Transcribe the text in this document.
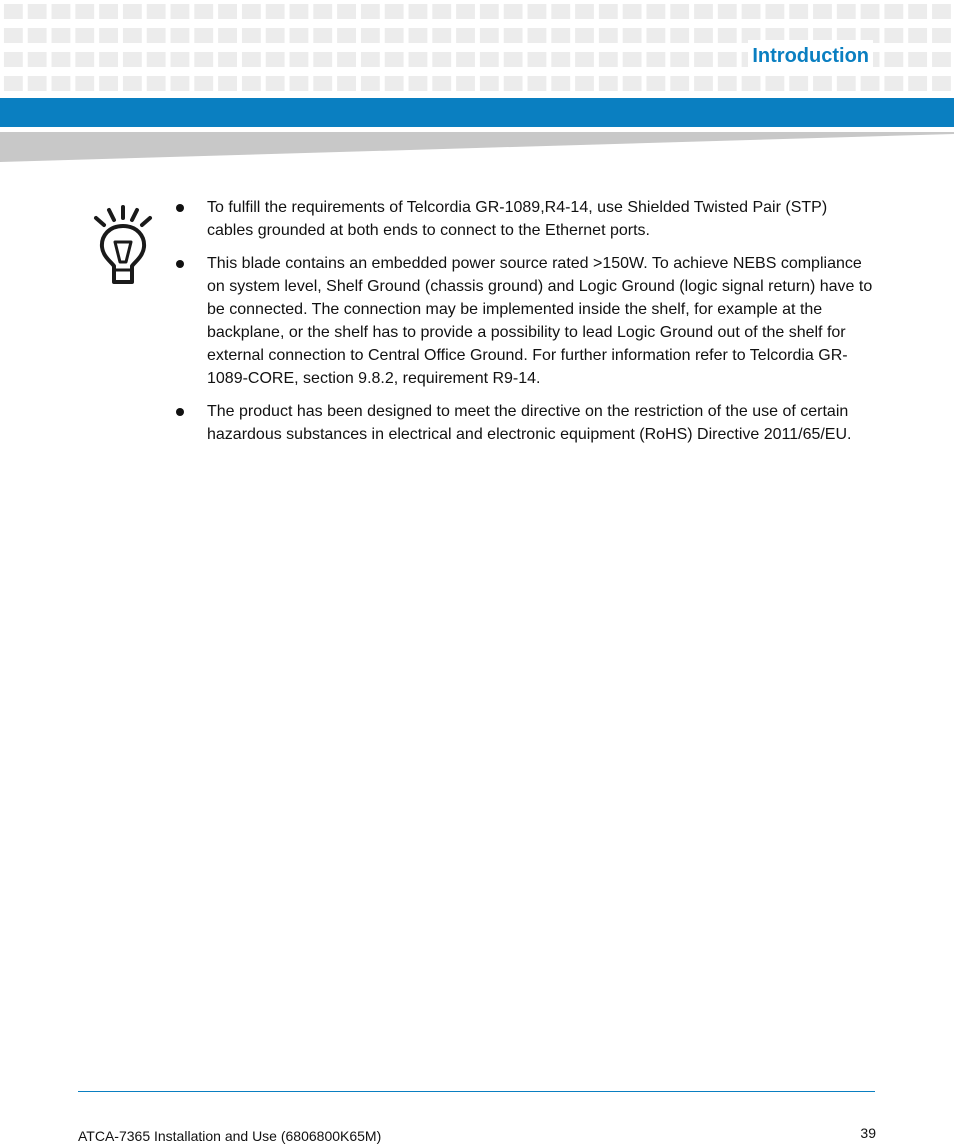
Introduction
To fulfill the requirements of Telcordia GR-1089,R4-14, use Shielded Twisted Pair (STP) cables grounded at both ends to connect to the Ethernet ports.
This blade contains an embedded power source rated >150W. To achieve NEBS compliance on system level, Shelf Ground (chassis ground) and Logic Ground (logic signal return) have to be connected. The connection may be implemented inside the shelf, for example at the backplane, or the shelf has to provide a possibility to lead Logic Ground out of the shelf for external connection to Central Office Ground. For further information refer to Telcordia GR-1089-CORE, section 9.8.2, requirement R9-14.
The product has been designed to meet the directive on the restriction of the use of certain hazardous substances in electrical and electronic equipment (RoHS) Directive 2011/65/EU.
ATCA-7365 Installation and Use (6806800K65M)	39
